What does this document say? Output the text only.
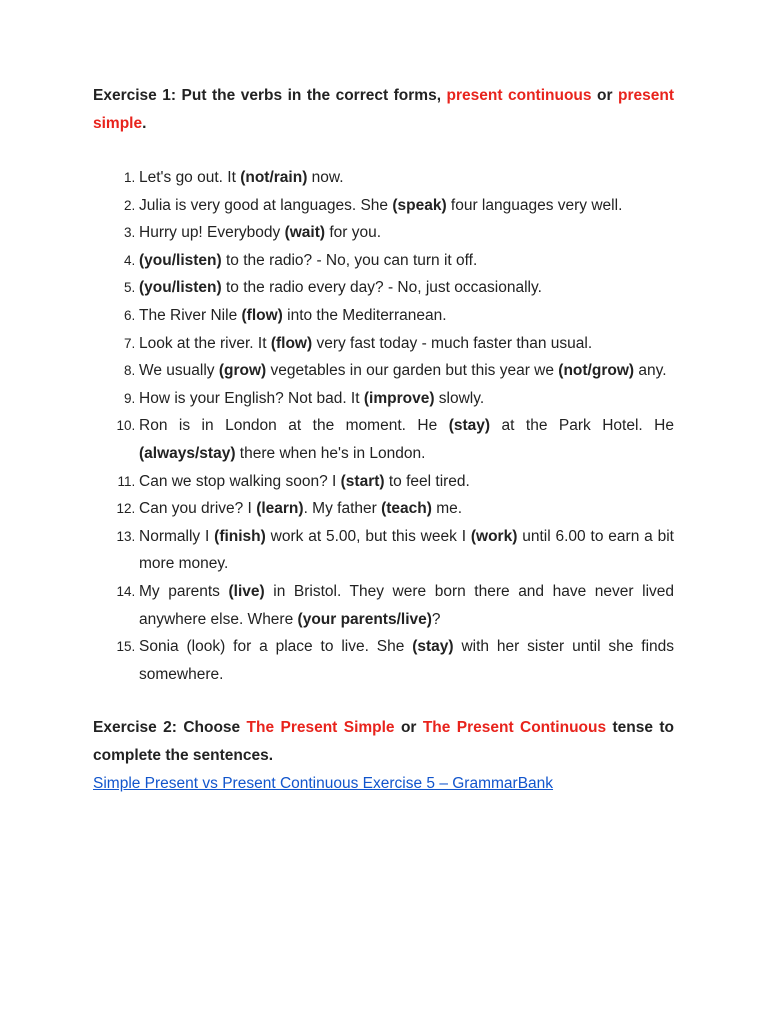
Exercise 1: Put the verbs in the correct forms, present continuous or present simple.

1. Let's go out. It (not/rain) now.
2. Julia is very good at languages. She (speak) four languages very well.
3. Hurry up! Everybody (wait) for you.
4. (you/listen) to the radio? - No, you can turn it off.
5. (you/listen) to the radio every day? - No, just occasionally.
6. The River Nile (flow) into the Mediterranean.
7. Look at the river. It (flow) very fast today - much faster than usual.
8. We usually (grow) vegetables in our garden but this year we (not/grow) any.
9. How is your English? Not bad. It (improve) slowly.
10. Ron is in London at the moment. He (stay) at the Park Hotel. He (always/stay) there when he's in London.
11. Can we stop walking soon? I (start) to feel tired.
12. Can you drive? I (learn). My father (teach) me.
13. Normally I (finish) work at 5.00, but this week I (work) until 6.00 to earn a bit more money.
14. My parents (live) in Bristol. They were born there and have never lived anywhere else. Where (your parents/live)?
15. Sonia (look) for a place to live. She (stay) with her sister until she finds somewhere.

Exercise 2: Choose The Present Simple or The Present Continuous tense to complete the sentences.

Simple Present vs Present Continuous Exercise 5 – GrammarBank
